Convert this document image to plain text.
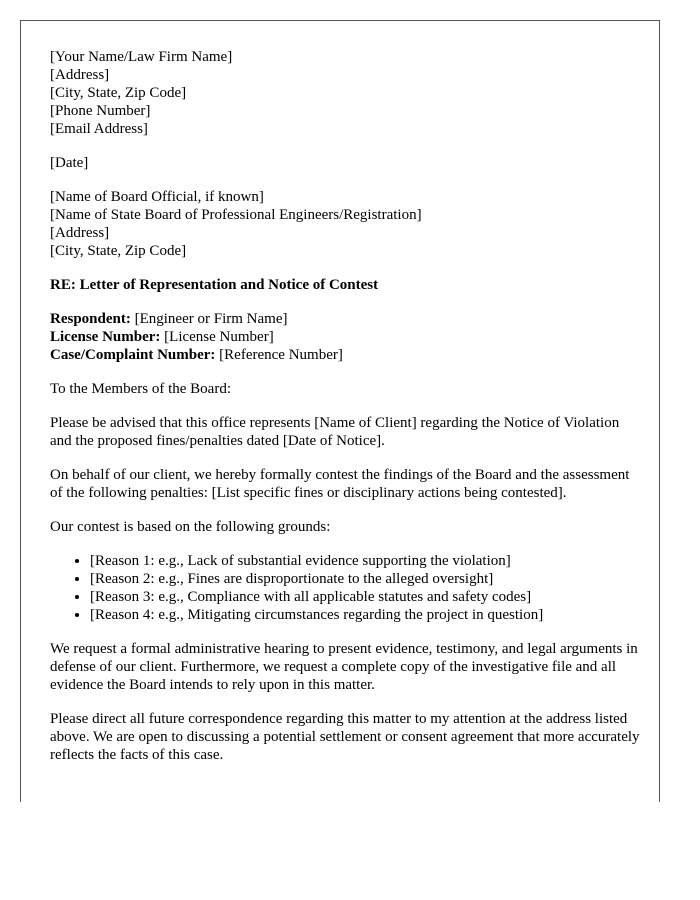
[Your Name/Law Firm Name]
[Address]
[City, State, Zip Code]
[Phone Number]
[Email Address]
[Date]
[Name of Board Official, if known]
[Name of State Board of Professional Engineers/Registration]
[Address]
[City, State, Zip Code]
RE: Letter of Representation and Notice of Contest
Respondent: [Engineer or Firm Name]
License Number: [License Number]
Case/Complaint Number: [Reference Number]

To the Members of the Board:

Please be advised that this office represents [Name of Client] regarding the Notice of Violation and the proposed fines/penalties dated [Date of Notice].

On behalf of our client, we hereby formally contest the findings of the Board and the assessment of the following penalties: [List specific fines or disciplinary actions being contested].

Our contest is based on the following grounds:

• [Reason 1: e.g., Lack of substantial evidence supporting the violation]
• [Reason 2: e.g., Fines are disproportionate to the alleged oversight]
• [Reason 3: e.g., Compliance with all applicable statutes and safety codes]
• [Reason 4: e.g., Mitigating circumstances regarding the project in question]

We request a formal administrative hearing to present evidence, testimony, and legal arguments in defense of our client. Furthermore, we request a complete copy of the investigative file and all evidence the Board intends to rely upon in this matter.

Please direct all future correspondence regarding this matter to my attention at the address listed above. We are open to discussing a potential settlement or consent agreement that more accurately reflects the facts of this case.
